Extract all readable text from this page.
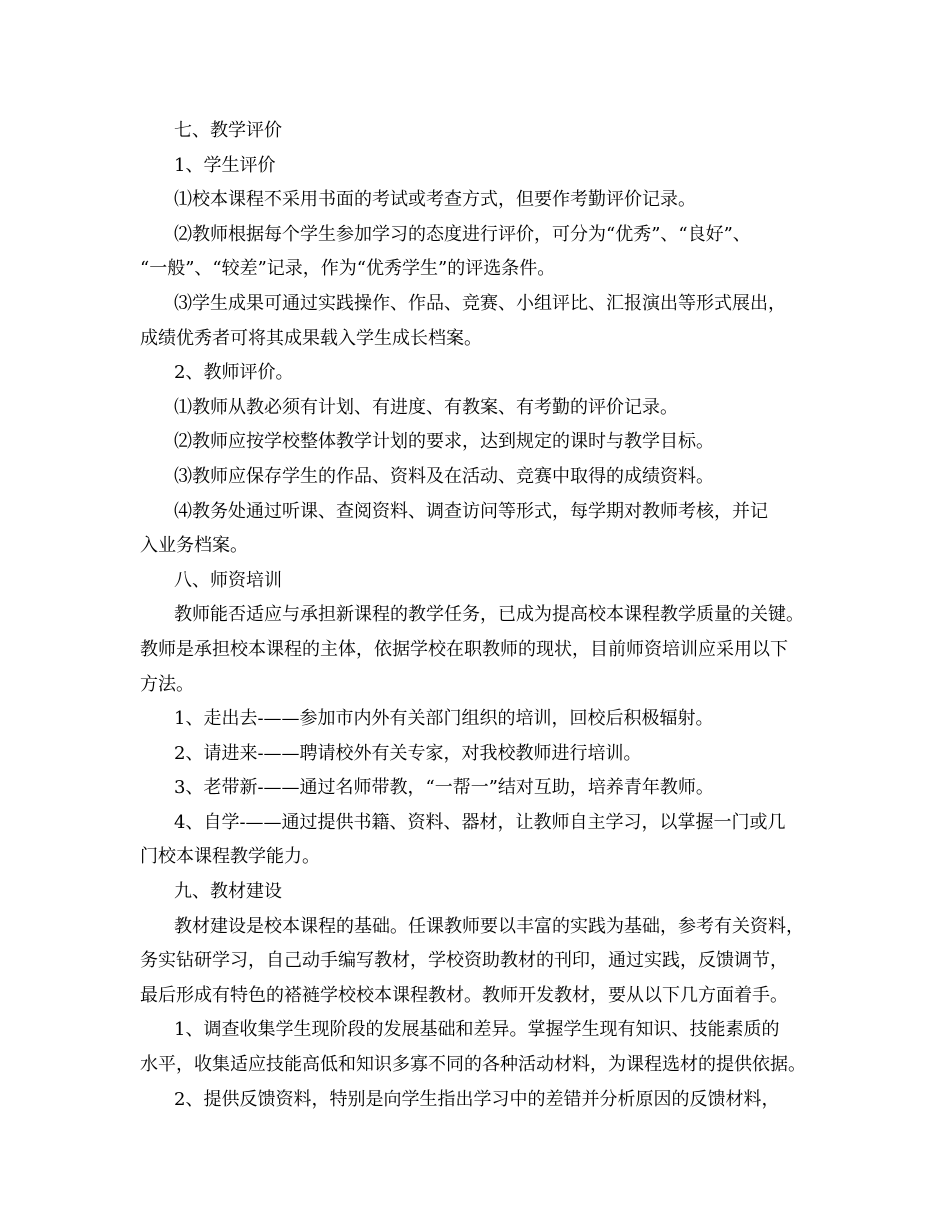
七、教学评价

1、学生评价

⑴校本课程不采用书面的考试或考查方式，但要作考勤评价记录。

⑵教师根据每个学生参加学习的态度进行评价，可分为“优秀”、“良好”、

“一般”、“较差”记录，作为“优秀学生”的评选条件。

⑶学生成果可通过实践操作、作品、竞赛、小组评比、汇报演出等形式展出，

成绩优秀者可将其成果载入学生成长档案。

2、教师评价。

⑴教师从教必须有计划、有进度、有教案、有考勤的评价记录。

⑵教师应按学校整体教学计划的要求，达到规定的课时与教学目标。

⑶教师应保存学生的作品、资料及在活动、竞赛中取得的成绩资料。

⑷教务处通过听课、查阅资料、调查访问等形式，每学期对教师考核，并记

入业务档案。

八、师资培训

教师能否适应与承担新课程的教学任务，已成为提高校本课程教学质量的关键。

教师是承担校本课程的主体，依据学校在职教师的现状，目前师资培训应采用以下

方法。

1、走出去-——参加市内外有关部门组织的培训，回校后积极辐射。

2、请进来-——聘请校外有关专家，对我校教师进行培训。

3、老带新-——通过名师带教，“一帮一”结对互助，培养青年教师。

4、自学-——通过提供书籍、资料、器材，让教师自主学习，以掌握一门或几

门校本课程教学能力。

九、教材建设

教材建设是校本课程的基础。任课教师要以丰富的实践为基础，参考有关资料，

务实钻研学习，自己动手编写教材，学校资助教材的刊印，通过实践，反馈调节，

最后形成有特色的褡裢学校校本课程教材。教师开发教材，要从以下几方面着手。

1、调查收集学生现阶段的发展基础和差异。掌握学生现有知识、技能素质的

水平，收集适应技能高低和知识多寡不同的各种活动材料，为课程选材的提供依据。

2、提供反馈资料，特别是向学生指出学习中的差错并分析原因的反馈材料，
